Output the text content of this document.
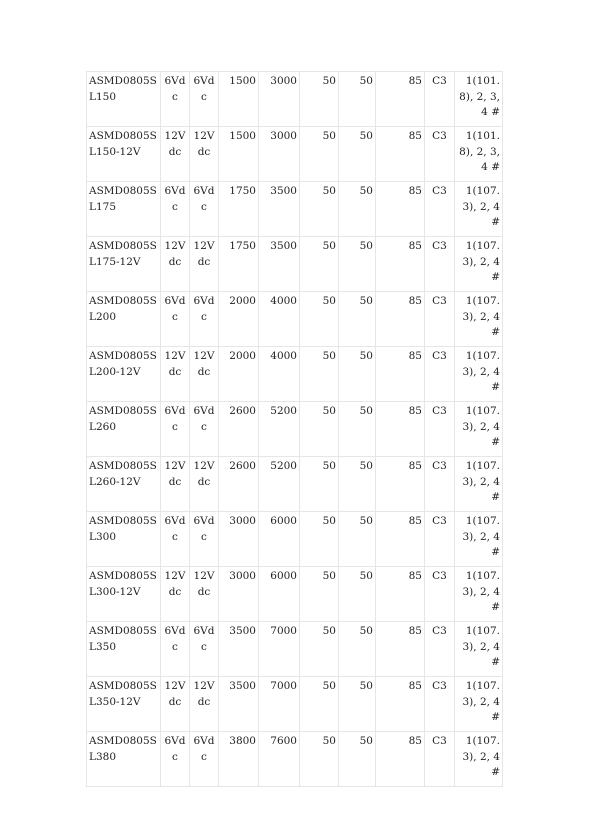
ASMD0805SL150	6Vdc	6Vdc	1500	3000	50	50	85	C3	1(101.8), 2, 3, 4 #
ASMD0805SL150-12V	12Vdc	12Vdc	1500	3000	50	50	85	C3	1(101.8), 2, 3, 4 #
ASMD0805SL175	6Vdc	6Vdc	1750	3500	50	50	85	C3	1(107.3), 2, 4 #
ASMD0805SL175-12V	12Vdc	12Vdc	1750	3500	50	50	85	C3	1(107.3), 2, 4 #
ASMD0805SL200	6Vdc	6Vdc	2000	4000	50	50	85	C3	1(107.3), 2, 4 #
ASMD0805SL200-12V	12Vdc	12Vdc	2000	4000	50	50	85	C3	1(107.3), 2, 4 #
ASMD0805SL260	6Vdc	6Vdc	2600	5200	50	50	85	C3	1(107.3), 2, 4 #
ASMD0805SL260-12V	12Vdc	12Vdc	2600	5200	50	50	85	C3	1(107.3), 2, 4 #
ASMD0805SL300	6Vdc	6Vdc	3000	6000	50	50	85	C3	1(107.3), 2, 4 #
ASMD0805SL300-12V	12Vdc	12Vdc	3000	6000	50	50	85	C3	1(107.3), 2, 4 #
ASMD0805SL350	6Vdc	6Vdc	3500	7000	50	50	85	C3	1(107.3), 2, 4 #
ASMD0805SL350-12V	12Vdc	12Vdc	3500	7000	50	50	85	C3	1(107.3), 2, 4 #
ASMD0805SL380	6Vdc	6Vdc	3800	7600	50	50	85	C3	1(107.3), 2, 4 #
